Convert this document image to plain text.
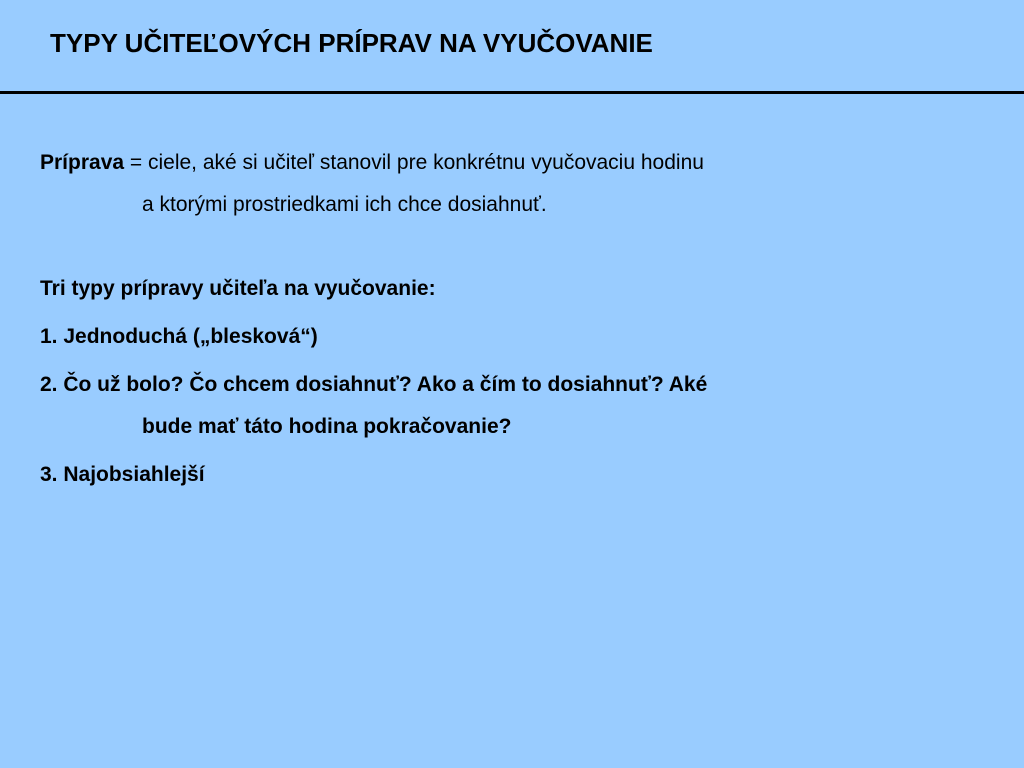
TYPY UČITEĽOVÝCH PRÍPRAV NA VYUČOVANIE
Príprava = ciele, aké si učiteľ stanovil pre konkrétnu vyučovaciu hodinu
a ktorými prostriedkami ich chce dosiahnuť.
Tri typy prípravy učiteľa na vyučovanie:
1. Jednoduchá („blesková“)
2. Čo už bolo? Čo chcem dosiahnuť? Ako a čím to dosiahnuť? Aké
bude mať táto hodina pokračovanie?
3. Najobsiahlejší
